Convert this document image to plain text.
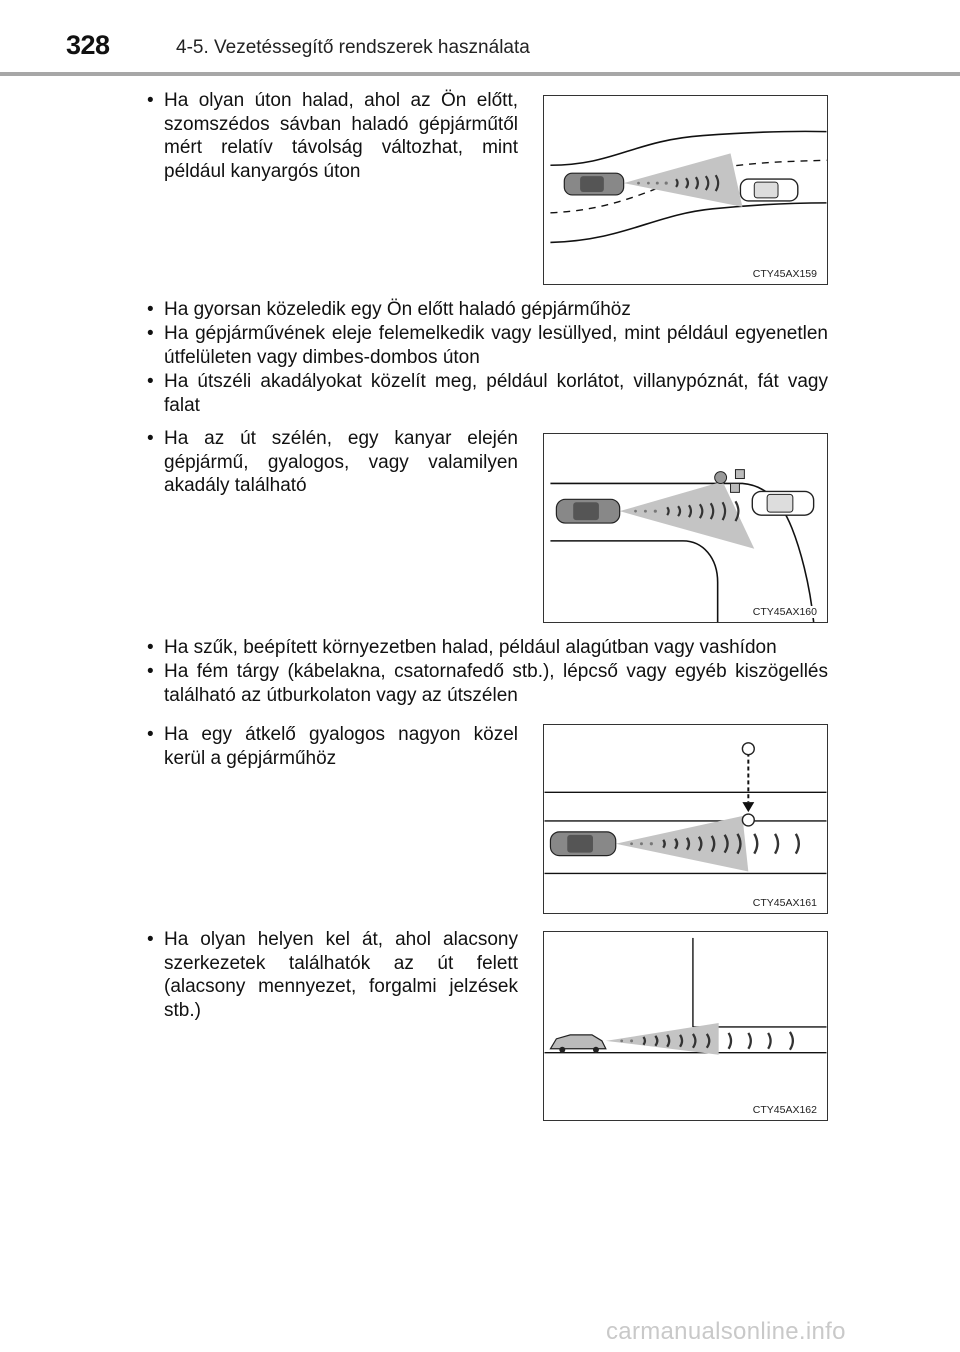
328	4-5. Vezetéssegítő rendszerek használata
• Ha olyan úton halad, ahol az Ön előtt, szomszédos sávban haladó gépjárműtől mért relatív távolság változhat, mint például kanyargós úton
CTY45AX159
• Ha gyorsan közeledik egy Ön előtt haladó gépjárműhöz
• Ha gépjárművének eleje felemelkedik vagy lesüllyed, mint például egyenetlen útfelületen vagy dimbes-dombos úton
• Ha útszéli akadályokat közelít meg, például korlátot, villanypóznát, fát vagy falat
• Ha az út szélén, egy kanyar elején gépjármű, gyalogos, vagy valamilyen akadály található
CTY45AX160
• Ha szűk, beépített környezetben halad, például alagútban vagy vashídon
• Ha fém tárgy (kábelakna, csatornafedő stb.), lépcső vagy egyéb kiszögellés található az útburkolaton vagy az útszélen
• Ha egy átkelő gyalogos nagyon közel kerül a gépjárműhöz
CTY45AX161
• Ha olyan helyen kel át, ahol alacsony szerkezetek találhatók az út felett (alacsony mennyezet, forgalmi jelzések stb.)
CTY45AX162
carmanualsonline.info
